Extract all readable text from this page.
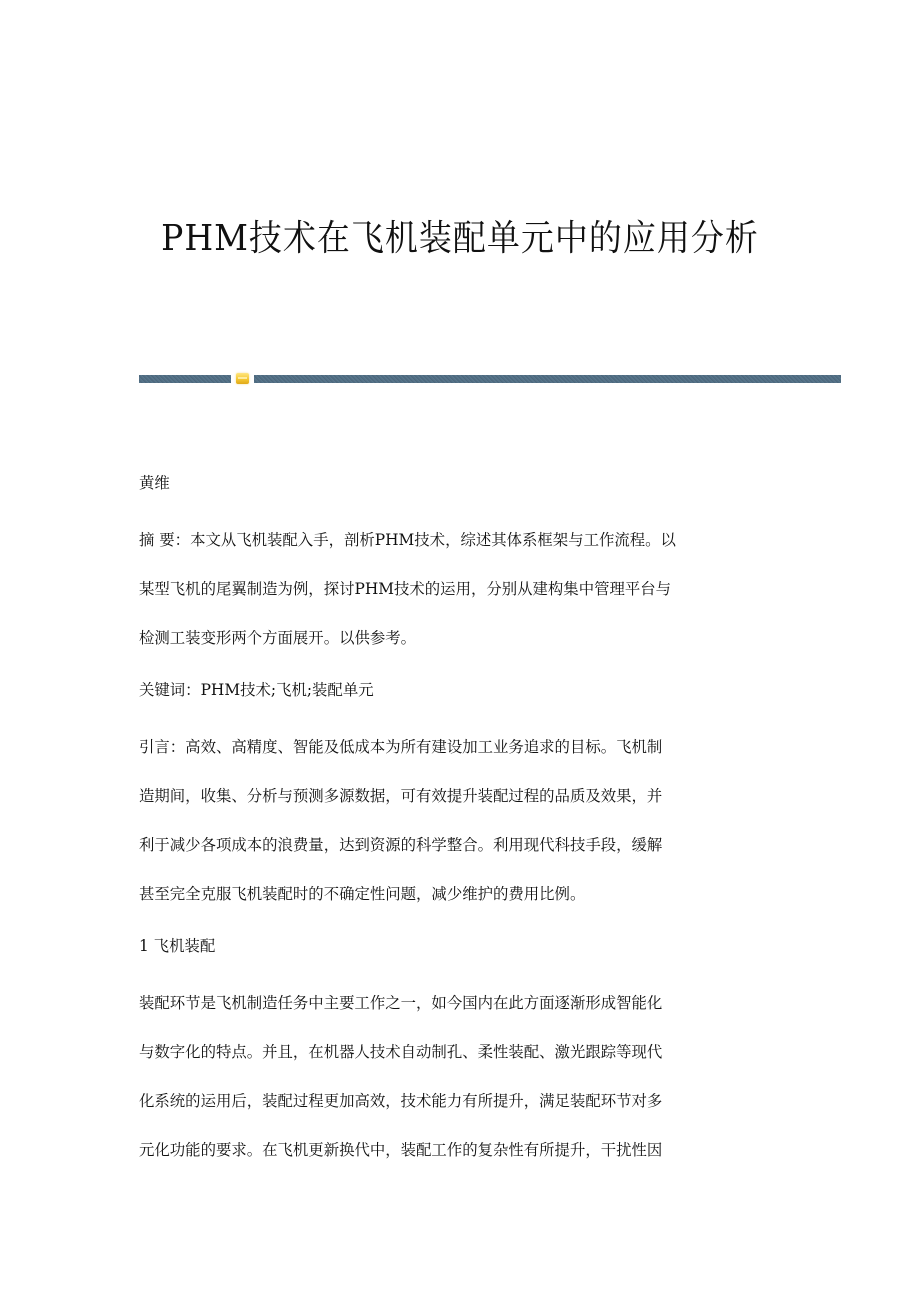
PHM技术在飞机装配单元中的应用分析

黄维

摘 要：本文从飞机装配入手，剖析PHM技术，综述其体系框架与工作流程。以
某型飞机的尾翼制造为例，探讨PHM技术的运用，分别从建构集中管理平台与
检测工装变形两个方面展开。以供参考。

关键词：PHM技术;飞机;装配单元

引言：高效、高精度、智能及低成本为所有建设加工业务追求的目标。飞机制
造期间，收集、分析与预测多源数据，可有效提升装配过程的品质及效果，并
利于减少各项成本的浪费量，达到资源的科学整合。利用现代科技手段，缓解
甚至完全克服飞机装配时的不确定性问题，减少维护的费用比例。

1 飞机装配

装配环节是飞机制造任务中主要工作之一，如今国内在此方面逐渐形成智能化
与数字化的特点。并且，在机器人技术自动制孔、柔性装配、激光跟踪等现代
化系统的运用后，装配过程更加高效，技术能力有所提升，满足装配环节对多
元化功能的要求。在飞机更新换代中，装配工作的复杂性有所提升，干扰性因
